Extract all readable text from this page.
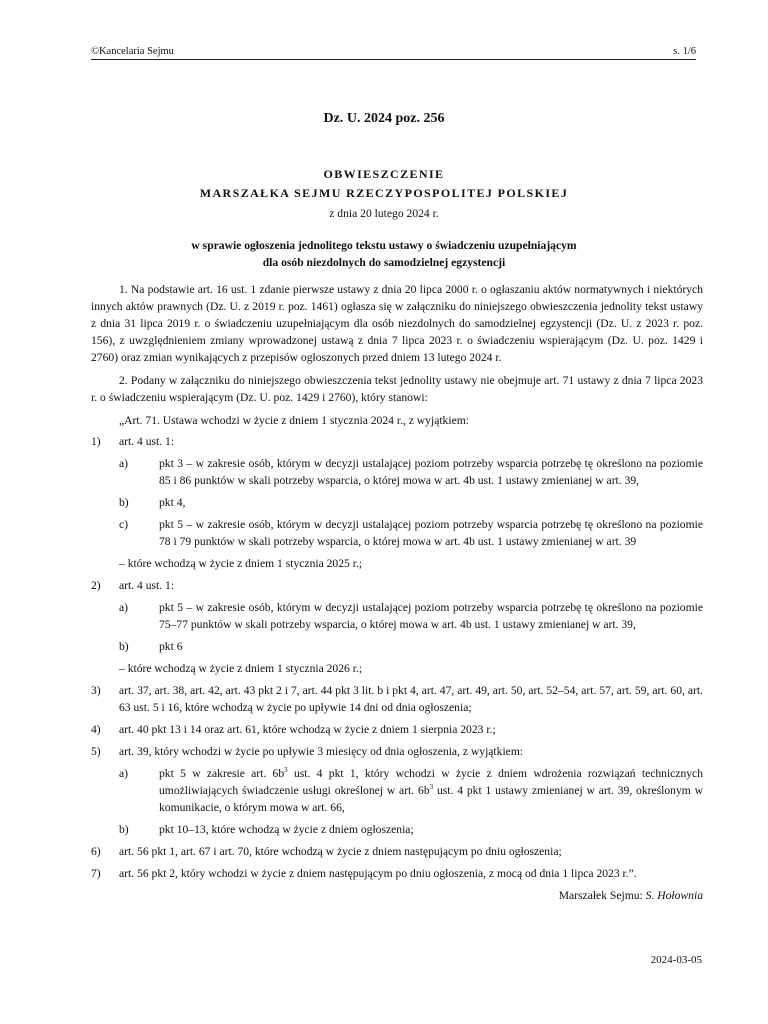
©Kancelaria Sejmu	s. 1/6
Dz. U. 2024 poz. 256
OBWIESZCZENIE
MARSZAŁKA SEJMU RZECZYPOSPOLITEJ POLSKIEJ
z dnia 20 lutego 2024 r.
w sprawie ogłoszenia jednolitego tekstu ustawy o świadczeniu uzupełniającym
dla osób niezdolnych do samodzielnej egzystencji

1. Na podstawie art. 16 ust. 1 zdanie pierwsze ustawy z dnia 20 lipca 2000 r. o ogłaszaniu aktów normatywnych i niektórych innych aktów prawnych (Dz. U. z 2019 r. poz. 1461) ogłasza się w załączniku do niniejszego obwieszczenia jednolity tekst ustawy z dnia 31 lipca 2019 r. o świadczeniu uzupełniającym dla osób niezdolnych do samodzielnej egzystencji (Dz. U. z 2023 r. poz. 156), z uwzględnieniem zmiany wprowadzonej ustawą z dnia 7 lipca 2023 r. o świadczeniu wspierającym (Dz. U. poz. 1429 i 2760) oraz zmian wynikających z przepisów ogłoszonych przed dniem 13 lutego 2024 r.

2. Podany w załączniku do niniejszego obwieszczenia tekst jednolity ustawy nie obejmuje art. 71 ustawy z dnia 7 lipca 2023 r. o świadczeniu wspierającym (Dz. U. poz. 1429 i 2760), który stanowi:

„Art. 71. Ustawa wchodzi w życie z dniem 1 stycznia 2024 r., z wyjątkiem:
1) art. 4 ust. 1:
a)	pkt 3 – w zakresie osób, którym w decyzji ustalającej poziom potrzeby wsparcia potrzebę tę określono na poziomie 85 i 86 punktów w skali potrzeby wsparcia, o której mowa w art. 4b ust. 1 ustawy zmienianej w art. 39,
b)	pkt 4,
c)	pkt 5 – w zakresie osób, którym w decyzji ustalającej poziom potrzeby wsparcia potrzebę tę określono na poziomie 78 i 79 punktów w skali potrzeby wsparcia, o której mowa w art. 4b ust. 1 ustawy zmienianej w art. 39
– które wchodzą w życie z dniem 1 stycznia 2025 r.;
2) art. 4 ust. 1:
a)	pkt 5 – w zakresie osób, którym w decyzji ustalającej poziom potrzeby wsparcia potrzebę tę określono na poziomie 75–77 punktów w skali potrzeby wsparcia, o której mowa w art. 4b ust. 1 ustawy zmienianej w art. 39,
b)	pkt 6
– które wchodzą w życie z dniem 1 stycznia 2026 r.;
3) art. 37, art. 38, art. 42, art. 43 pkt 2 i 7, art. 44 pkt 3 lit. b i pkt 4, art. 47, art. 49, art. 50, art. 52–54, art. 57, art. 59, art. 60, art. 63 ust. 5 i 16, które wchodzą w życie po upływie 14 dni od dnia ogłoszenia;
4) art. 40 pkt 13 i 14 oraz art. 61, które wchodzą w życie z dniem 1 sierpnia 2023 r.;
5) art. 39, który wchodzi w życie po upływie 3 miesięcy od dnia ogłoszenia, z wyjątkiem:
a)	pkt 5 w zakresie art. $6b^3$ ust. 4 pkt 1, który wchodzi w życie z dniem wdrożenia rozwiązań technicznych umożliwiających świadczenie usługi określonej w art. $6b^3$ ust. 4 pkt 1 ustawy zmienianej w art. 39, określonym w komunikacie, o którym mowa w art. 66,
b)	pkt 10–13, które wchodzą w życie z dniem ogłoszenia;
6) art. 56 pkt 1, art. 67 i art. 70, które wchodzą w życie z dniem następującym po dniu ogłoszenia;
7) art. 56 pkt 2, który wchodzi w życie z dniem następującym po dniu ogłoszenia, z mocą od dnia 1 lipca 2023 r.”.
Marszałek Sejmu: S. Hołownia
2024-03-05
